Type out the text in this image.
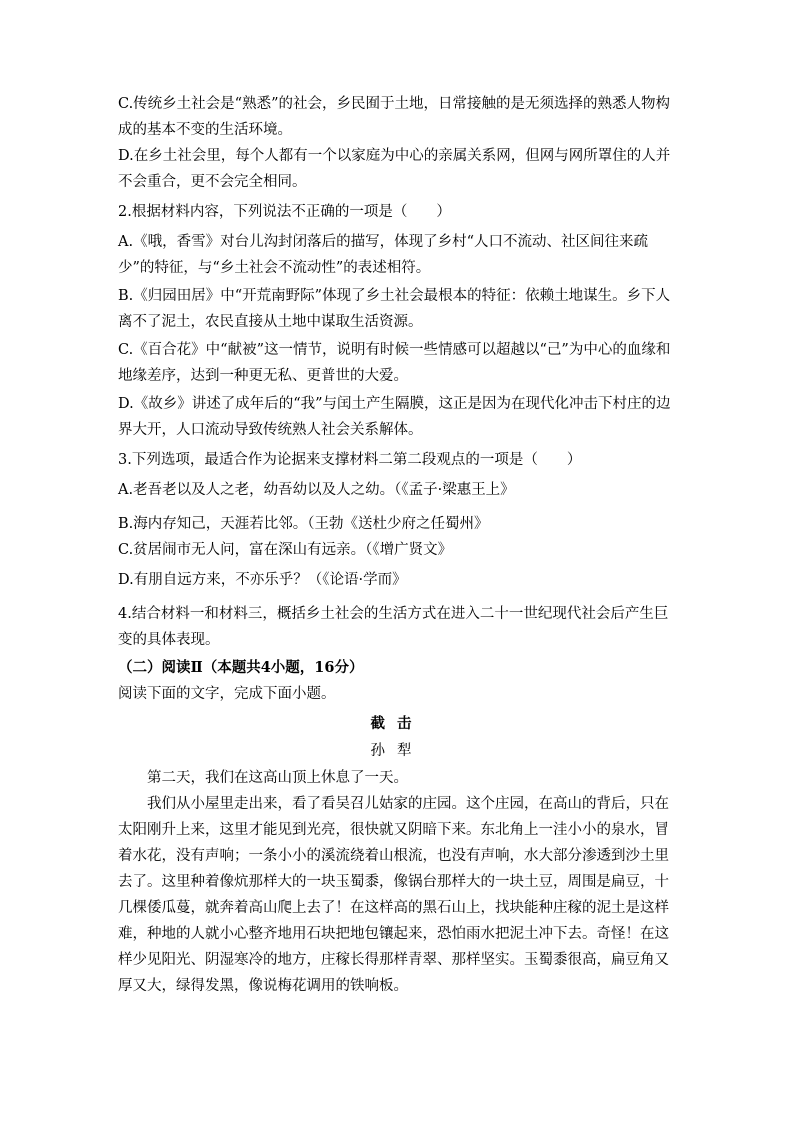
C.传统乡土社会是“熟悉”的社会，乡民囿于土地，日常接触的是无须选择的熟悉人物构成的基本不变的生活环境。

D.在乡土社会里，每个人都有一个以家庭为中心的亲属关系网，但网与网所罩住的人并不会重合，更不会完全相同。

2.根据材料内容，下列说法不正确的一项是（　　）

A.《哦，香雪》对台儿沟封闭落后的描写，体现了乡村“人口不流动、社区间往来疏少”的特征，与“乡土社会不流动性”的表述相符。

B.《归园田居》中“开荒南野际”体现了乡土社会最根本的特征：依赖土地谋生。乡下人离不了泥土，农民直接从土地中谋取生活资源。

C.《百合花》中“献被”这一情节，说明有时候一些情感可以超越以“己”为中心的血缘和地缘差序，达到一种更无私、更普世的大爱。

D.《故乡》讲述了成年后的“我”与闰土产生隔膜，这正是因为在现代化冲击下村庄的边界大开，人口流动导致传统熟人社会关系解体。

3.下列选项，最适合作为论据来支撑材料二第二段观点的一项是（　　）
A.老吾老以及人之老，幼吾幼以及人之幼。（《孟子·梁惠王上》
B.海内存知己，天涯若比邻。（王勃《送杜少府之任蜀州》
C.贫居闹市无人问，富在深山有远亲。（《增广贤文》
D.有朋自远方来，不亦乐乎？（《论语·学而》

4.结合材料一和材料三，概括乡土社会的生活方式在进入二十一世纪现代社会后产生巨变的具体表现。

（二）阅读Ⅱ（本题共4小题，16分）
阅读下面的文字，完成下面小题。
截击
孙犁
第二天，我们在这高山顶上休息了一天。

我们从小屋里走出来，看了看吴召儿姑家的庄园。这个庄园，在高山的背后，只在太阳刚升上来，这里才能见到光亮，很快就又阴暗下来。东北角上一洼小小的泉水，冒着水花，没有声响；一条小小的溪流绕着山根流，也没有声响，水大部分渗透到沙土里去了。这里种着像炕那样大的一块玉蜀黍，像锅台那样大的一块土豆，周围是扁豆，十几棵倭瓜蔓，就奔着高山爬上去了！在这样高的黑石山上，找块能种庄稼的泥土是这样难，种地的人就小心整齐地用石块把地包镶起来，恐怕雨水把泥土冲下去。奇怪！在这样少见阳光、阴湿寒冷的地方，庄稼长得那样青翠、那样坚实。玉蜀黍很高，扁豆角又厚又大，绿得发黑，像说梅花调用的铁响板。
